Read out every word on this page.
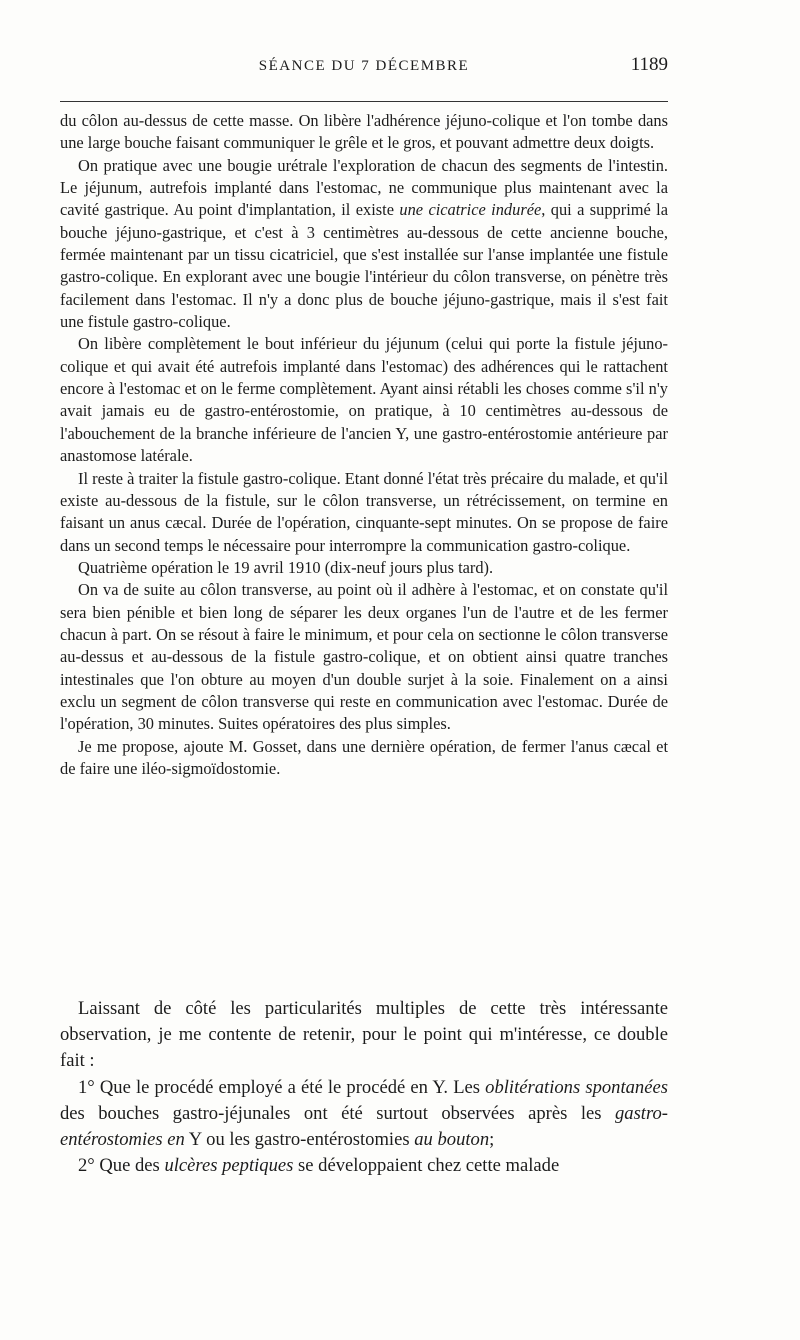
SÉANCE DU 7 DÉCEMBRE	1189

du côlon au-dessus de cette masse. On libère l'adhérence jéjuno-colique et l'on tombe dans une large bouche faisant communiquer le grêle et le gros, et pouvant admettre deux doigts.

On pratique avec une bougie urétrale l'exploration de chacun des segments de l'intestin. Le jéjunum, autrefois implanté dans l'estomac, ne communique plus maintenant avec la cavité gastrique. Au point d'implantation, il existe une cicatrice indurée, qui a supprimé la bouche jéjuno-gastrique, et c'est à 3 centimètres au-dessous de cette ancienne bouche, fermée maintenant par un tissu cicatriciel, que s'est installée sur l'anse implantée une fistule gastro-colique. En explorant avec une bougie l'intérieur du côlon transverse, on pénètre très facilement dans l'estomac. Il n'y a donc plus de bouche jéjuno-gastrique, mais il s'est fait une fistule gastro-colique.

On libère complètement le bout inférieur du jéjunum (celui qui porte la fistule jéjuno-colique et qui avait été autrefois implanté dans l'estomac) des adhérences qui le rattachent encore à l'estomac et on le ferme complètement. Ayant ainsi rétabli les choses comme s'il n'y avait jamais eu de gastro-entérostomie, on pratique, à 10 centimètres au-dessous de l'abouchement de la branche inférieure de l'ancien Y, une gastro-entérostomie antérieure par anastomose latérale.

Il reste à traiter la fistule gastro-colique. Etant donné l'état très précaire du malade, et qu'il existe au-dessous de la fistule, sur le côlon transverse, un rétrécissement, on termine en faisant un anus cæcal. Durée de l'opération, cinquante-sept minutes. On se propose de faire dans un second temps le nécessaire pour interrompre la communication gastro-colique.

Quatrième opération le 19 avril 1910 (dix-neuf jours plus tard).

On va de suite au côlon transverse, au point où il adhère à l'estomac, et on constate qu'il sera bien pénible et bien long de séparer les deux organes l'un de l'autre et de les fermer chacun à part. On se résout à faire le minimum, et pour cela on sectionne le côlon transverse au-dessus et au-dessous de la fistule gastro-colique, et on obtient ainsi quatre tranches intestinales que l'on obture au moyen d'un double surjet à la soie. Finalement on a ainsi exclu un segment de côlon transverse qui reste en communication avec l'estomac. Durée de l'opération, 30 minutes. Suites opératoires des plus simples.

Je me propose, ajoute M. Gosset, dans une dernière opération, de fermer l'anus cæcal et de faire une iléo-sigmoïdostomie.

Laissant de côté les particularités multiples de cette très intéressante observation, je me contente de retenir, pour le point qui m'intéresse, ce double fait :

1° Que le procédé employé a été le procédé en Y. Les oblitérations spontanées des bouches gastro-jéjunales ont été surtout observées après les gastro-entérostomies en Y ou les gastro-entérostomies au bouton;

2° Que des ulcères peptiques se développaient chez cette malade
